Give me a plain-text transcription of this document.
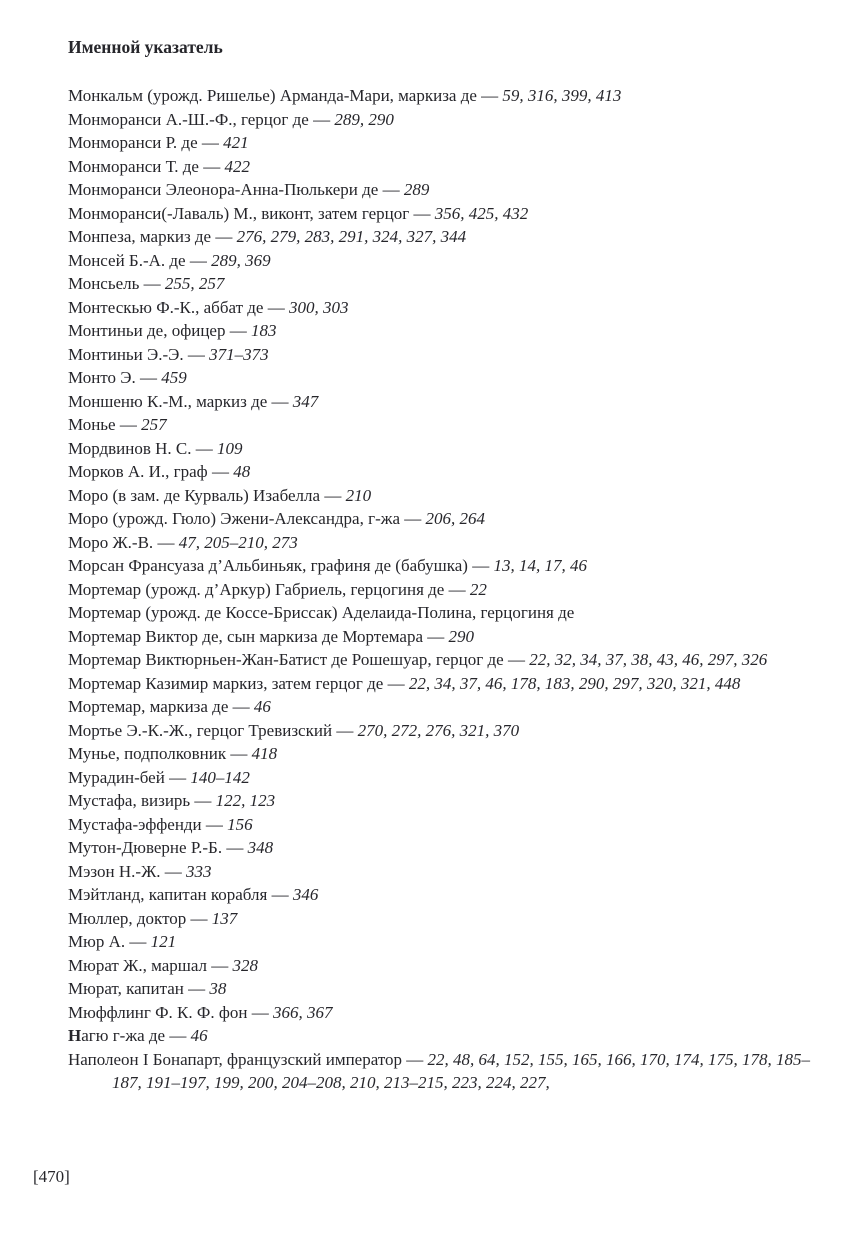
Именной указатель
Монкальм (урожд. Ришелье) Арманда-Мари, маркиза де — 59, 316, 399, 413
Монморанси А.-Ш.-Ф., герцог де — 289, 290
Монморанси Р. де — 421
Монморанси Т. де — 422
Монморанси Элеонора-Анна-Пюлькери де — 289
Монморанси(-Лаваль) М., виконт, затем герцог — 356, 425, 432
Монпеза, маркиз де — 276, 279, 283, 291, 324, 327, 344
Монсей Б.-А. де — 289, 369
Монсьель — 255, 257
Монтескью Ф.-К., аббат де — 300, 303
Монтиньи де, офицер — 183
Монтиньи Э.-Э. — 371–373
Монто Э. — 459
Моншеню К.-М., маркиз де — 347
Монье — 257
Мордвинов Н. С. — 109
Морков А. И., граф — 48
Моро (в зам. де Курваль) Изабелла — 210
Моро (урожд. Гюло) Эжени-Александра, г-жа — 206, 264
Моро Ж.-В. — 47, 205–210, 273
Морсан Франсуаза д’Альбиньяк, графиня де (бабушка) — 13, 14, 17, 46
Мортемар (урожд. д’Аркур) Габриель, герцогиня де — 22
Мортемар (урожд. де Коссе-Бриссак) Аделаида-Полина, герцогиня де
Мортемар Виктор де, сын маркиза де Мортемара — 290
Мортемар Виктюрньен-Жан-Батист де Рошешуар, герцог де — 22, 32, 34, 37, 38, 43, 46, 297, 326
Мортемар Казимир маркиз, затем герцог де — 22, 34, 37, 46, 178, 183, 290, 297, 320, 321, 448
Мортемар, маркиза де — 46
Мортье Э.-К.-Ж., герцог Тревизский — 270, 272, 276, 321, 370
Мунье, подполковник — 418
Мурадин-бей — 140–142
Мустафа, визирь — 122, 123
Мустафа-эффенди — 156
Мутон-Дюверне Р.-Б. — 348
Мэзон Н.-Ж. — 333
Мэйтланд, капитан корабля — 346
Мюллер, доктор — 137
Мюр А. — 121
Мюрат Ж., маршал — 328
Мюрат, капитан — 38
Мюффлинг Ф. К. Ф. фон — 366, 367
Нагю г-жа де — 46
Наполеон I Бонапарт, французский император — 22, 48, 64, 152, 155, 165, 166, 170, 174, 175, 178, 185–187, 191–197, 199, 200, 204–208, 210, 213–215, 223, 224, 227,
[470]
